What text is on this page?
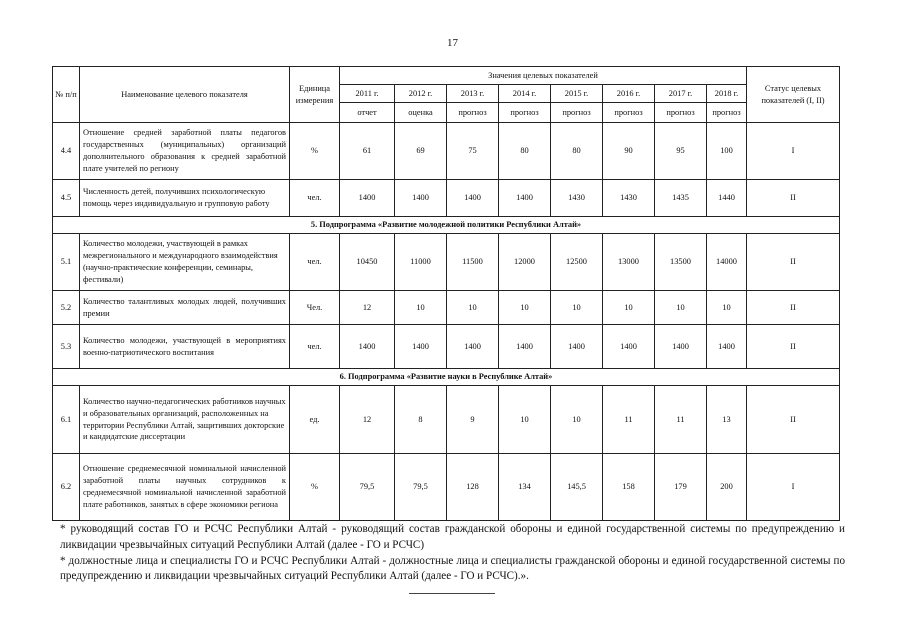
17
№ п/п	Наименование целевого показателя	Единица измерения	Значения целевых показателей								Статус целевых показателей (I, II)
			2011 г.	2012 г.	2013 г.	2014 г.	2015 г.	2016 г.	2017 г.	2018 г.	
			отчет	оценка	прогноз	прогноз	прогноз	прогноз	прогноз	прогноз	
4.4	Отношение средней заработной платы педагогов государственных (муниципальных) организаций дополнительного образования к средней заработной плате учителей по региону	%	61	69	75	80	80	90	95	100	I
4.5	Численность детей, получивших психологическую помощь через индивидуальную и групповую работу	чел.	1400	1400	1400	1400	1430	1430	1435	1440	II
5. Подпрограмма «Развитие молодежной политики Республики Алтай»											
5.1	Количество молодежи, участвующей в рамках межрегионального и международного взаимодействия (научно-практические конференции, семинары, фестивали)	чел.	10450	11000	11500	12000	12500	13000	13500	14000	II
5.2	Количество талантливых молодых людей, получивших премии	Чел.	12	10	10	10	10	10	10	10	II
5.3	Количество молодежи, участвующей в мероприятиях военно-патриотического воспитания	чел.	1400	1400	1400	1400	1400	1400	1400	1400	II
6. Подпрограмма «Развитие науки в Республике Алтай»											
6.1	Количество научно-педагогических работников научных и образовательных организаций, расположенных на территории Республики Алтай, защитивших докторские и кандидатские диссертации	ед.	12	8	9	10	10	11	11	13	II
6.2	Отношение среднемесячной номинальной начисленной заработной платы научных сотрудников к среднемесячной номинальной начисленной заработной плате работников, занятых в сфере экономики региона	%	79,5	79,5	128	134	145,5	158	179	200	I

* руководящий состав ГО и РСЧС Республики Алтай - руководящий состав гражданской обороны и единой государственной системы по предупреждению и ликвидации чрезвычайных ситуаций Республики Алтай (далее - ГО и РСЧС)

* должностные лица и специалисты ГО и РСЧС Республики Алтай - должностные лица и специалисты гражданской обороны и единой государственной системы по предупреждению и ликвидации чрезвычайных ситуаций Республики Алтай (далее - ГО и РСЧС).».
